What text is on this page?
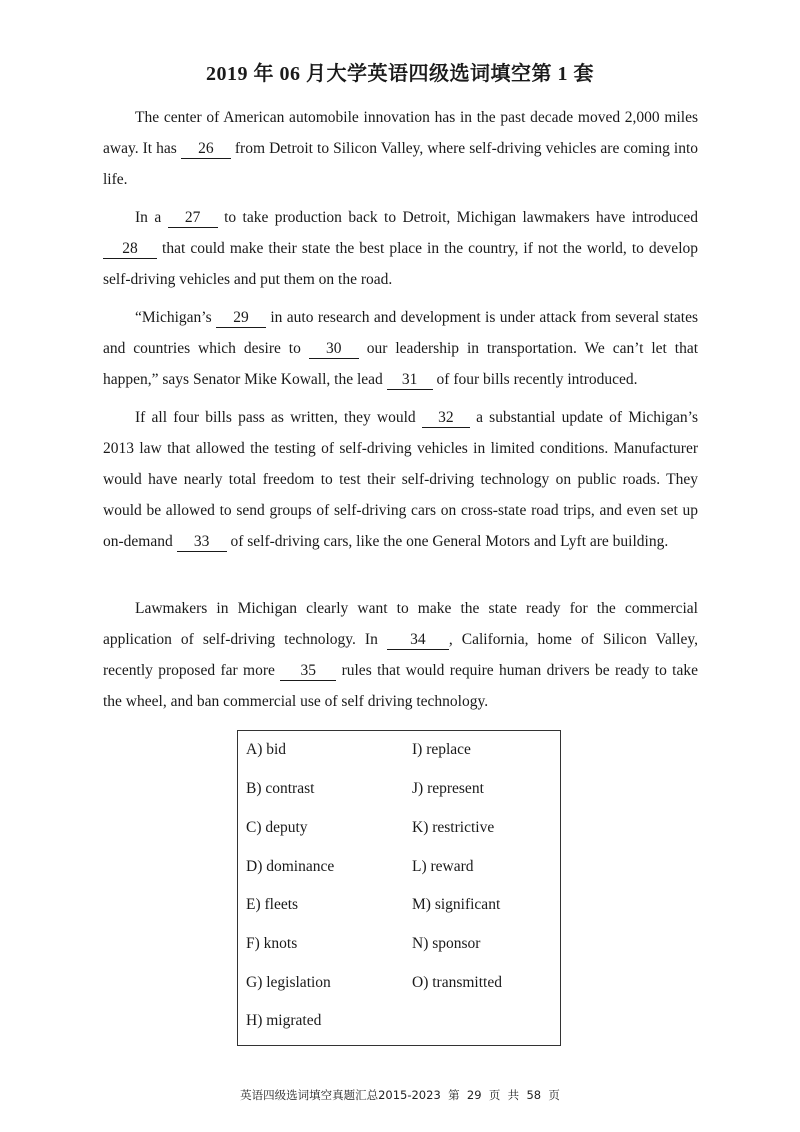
2019 年 06 月大学英语四级选词填空第 1 套

The center of American automobile innovation has in the past decade moved 2,000 miles away. It has 26 from Detroit to Silicon Valley, where self-driving vehicles are coming into life.

In a 27 to take production back to Detroit, Michigan lawmakers have introduced 28 that could make their state the best place in the country, if not the world, to develop self-driving vehicles and put them on the road.

“Michigan’s 29 in auto research and development is under attack from several states and countries which desire to 30 our leadership in transportation. We can’t let that happen,” says Senator Mike Kowall, the lead 31 of four bills recently introduced.

If all four bills pass as written, they would 32 a substantial update of Michigan’s 2013 law that allowed the testing of self-driving vehicles in limited conditions. Manufacturer would have nearly total freedom to test their self-driving technology on public roads. They would be allowed to send groups of self-driving cars on cross-state road trips, and even set up on-demand 33 of self-driving cars, like the one General Motors and Lyft are building.

Lawmakers in Michigan clearly want to make the state ready for the commercial application of self-driving technology. In 34 , California, home of Silicon Valley, recently proposed far more 35 rules that would require human drivers be ready to take the wheel, and ban commercial use of self driving technology.

A) bid
B) contrast
C) deputy
D) dominance
E) fleets
F) knots
G) legislation
H) migrated
I) replace
J) represent
K) restrictive
L) reward
M) significant
N) sponsor
O) transmitted
英语四级选词填空真题汇总2015-2023  第  29  页  共  58  页
